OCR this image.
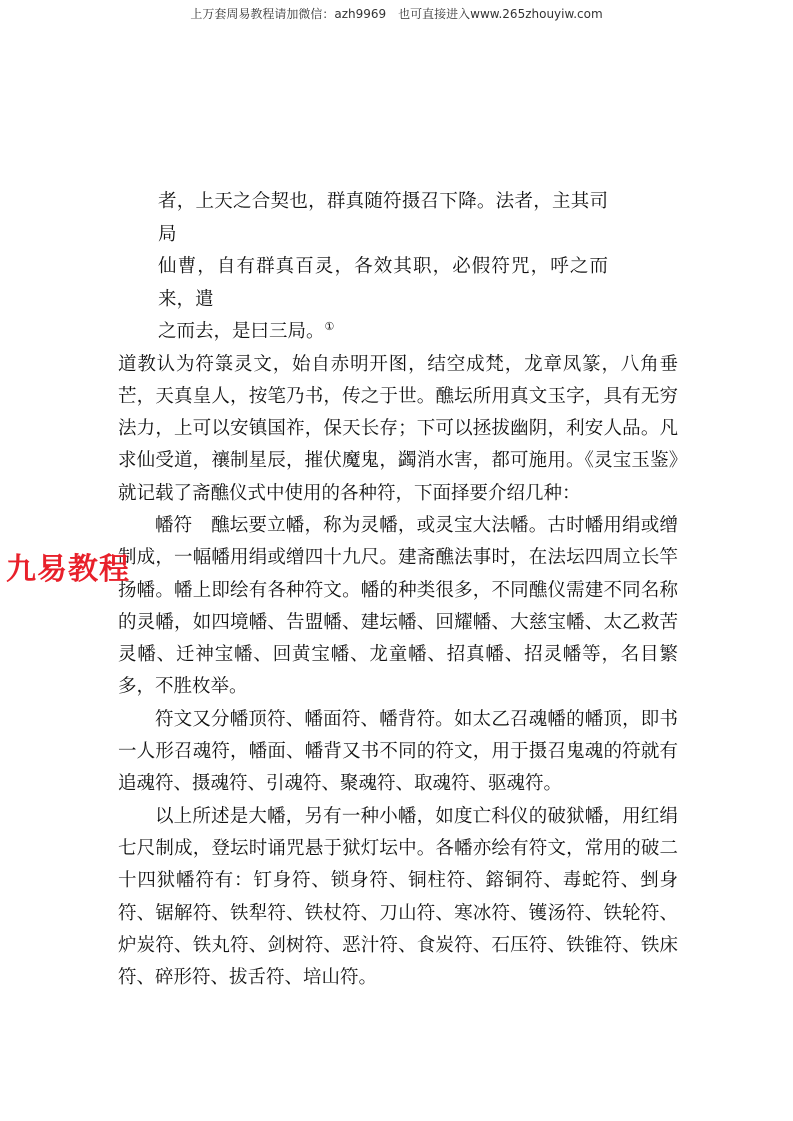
上万套周易教程请加微信：azh9969　也可直接进入www.265zhouyiw.com

者，上天之合契也，群真随符摄召下降。法者，主其司局

仙曹，自有群真百灵，各效其职，必假符咒，呼之而来，遣

之而去，是曰三局。①

道教认为符箓灵文，始自赤明开图，结空成梵，龙章凤篆，八角垂芒，天真皇人，按笔乃书，传之于世。醮坛所用真文玉字，具有无穷法力，上可以安镇国祚，保天长存；下可以拯拔幽阴，利安人品。凡求仙受道，禳制星辰，摧伏魔鬼，蠲消水害，都可施用。《灵宝玉鉴》就记载了斋醮仪式中使用的各种符，下面择要介绍几种：

幡符　醮坛要立幡，称为灵幡，或灵宝大法幡。古时幡用绢或缯制成，一幅幡用绢或缯四十九尺。建斋醮法事时，在法坛四周立长竿扬幡。幡上即绘有各种符文。幡的种类很多，不同醮仪需建不同名称的灵幡，如四境幡、告盟幡、建坛幡、回耀幡、大慈宝幡、太乙救苦灵幡、迁神宝幡、回黄宝幡、龙童幡、招真幡、招灵幡等，名目繁多，不胜枚举。

符文又分幡顶符、幡面符、幡背符。如太乙召魂幡的幡顶，即书一人形召魂符，幡面、幡背又书不同的符文，用于摄召鬼魂的符就有追魂符、摄魂符、引魂符、聚魂符、取魂符、驱魂符。

以上所述是大幡，另有一种小幡，如度亡科仪的破狱幡，用红绢七尺制成，登坛时诵咒悬于狱灯坛中。各幡亦绘有符文，常用的破二十四狱幡符有：钉身符、锁身符、铜柱符、鎔铜符、毒蛇符、剉身符、锯解符、铁犁符、铁杖符、刀山符、寒冰符、镬汤符、铁轮符、炉炭符、铁丸符、剑树符、恶汁符、食炭符、石压符、铁锥符、铁床符、碎形符、拔舌符、培山符。

九易教程
